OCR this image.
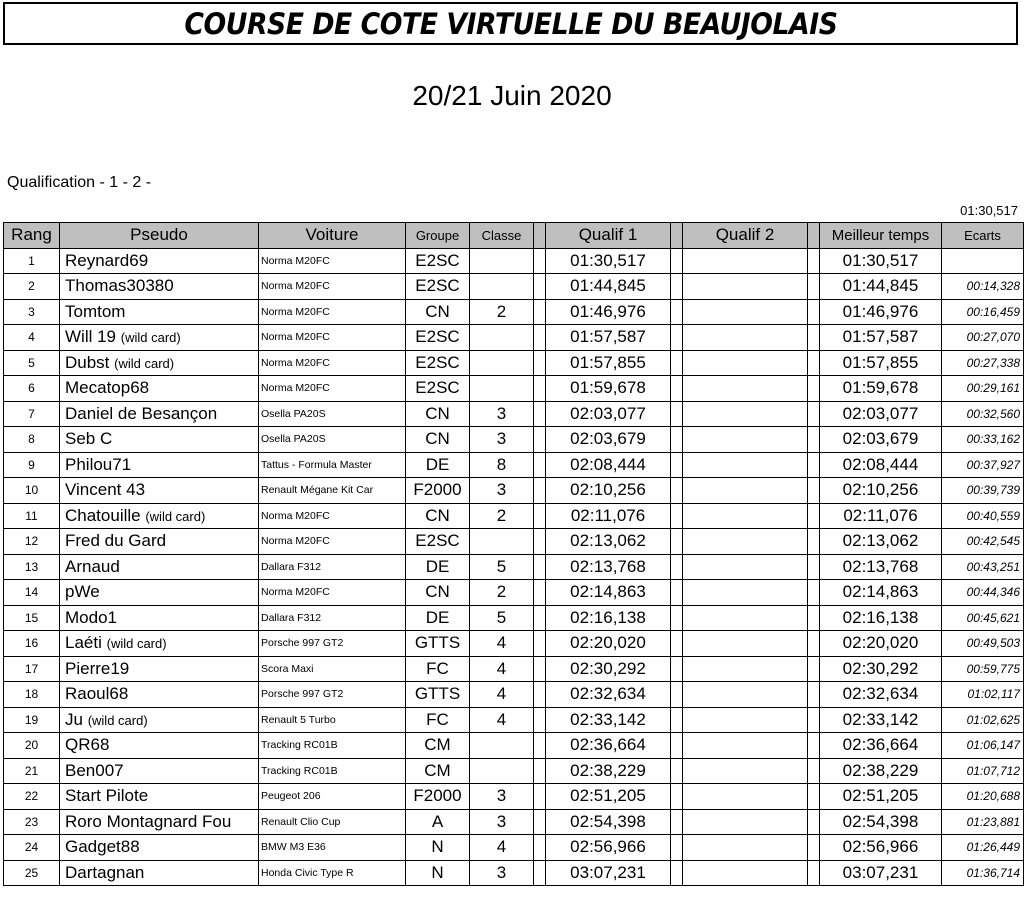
COURSE DE COTE VIRTUELLE DU BEAUJOLAIS
20/21 Juin 2020
Qualification - 1 - 2 -
01:30,517
Rang	Pseudo	Voiture	Groupe	Classe		Qualif 1		Qualif 2		Meilleur temps	Ecarts
1	Reynard69	Norma M20FC	E2SC			01:30,517				01:30,517	
2	Thomas30380	Norma M20FC	E2SC			01:44,845				01:44,845	00:14,328
3	Tomtom	Norma M20FC	CN	2		01:46,976				01:46,976	00:16,459
4	Will 19 (wild card)	Norma M20FC	E2SC			01:57,587				01:57,587	00:27,070
5	Dubst (wild card)	Norma M20FC	E2SC			01:57,855				01:57,855	00:27,338
6	Mecatop68	Norma M20FC	E2SC			01:59,678				01:59,678	00:29,161
7	Daniel de Besançon	Osella PA20S	CN	3		02:03,077				02:03,077	00:32,560
8	Seb C	Osella PA20S	CN	3		02:03,679				02:03,679	00:33,162
9	Philou71	Tattus - Formula Master	DE	8		02:08,444				02:08,444	00:37,927
10	Vincent 43	Renault Mégane Kit Car	F2000	3		02:10,256				02:10,256	00:39,739
11	Chatouille (wild card)	Norma M20FC	CN	2		02:11,076				02:11,076	00:40,559
12	Fred du Gard	Norma M20FC	E2SC			02:13,062				02:13,062	00:42,545
13	Arnaud	Dallara F312	DE	5		02:13,768				02:13,768	00:43,251
14	pWe	Norma M20FC	CN	2		02:14,863				02:14,863	00:44,346
15	Modo1	Dallara F312	DE	5		02:16,138				02:16,138	00:45,621
16	Laéti (wild card)	Porsche 997 GT2	GTTS	4		02:20,020				02:20,020	00:49,503
17	Pierre19	Scora Maxi	FC	4		02:30,292				02:30,292	00:59,775
18	Raoul68	Porsche 997 GT2	GTTS	4		02:32,634				02:32,634	01:02,117
19	Ju (wild card)	Renault 5 Turbo	FC	4		02:33,142				02:33,142	01:02,625
20	QR68	Tracking RC01B	CM			02:36,664				02:36,664	01:06,147
21	Ben007	Tracking RC01B	CM			02:38,229				02:38,229	01:07,712
22	Start Pilote	Peugeot 206	F2000	3		02:51,205				02:51,205	01:20,688
23	Roro Montagnard Fou	Renault Clio Cup	A	3		02:54,398				02:54,398	01:23,881
24	Gadget88	BMW M3 E36	N	4		02:56,966				02:56,966	01:26,449
25	Dartagnan	Honda Civic Type R	N	3		03:07,231				03:07,231	01:36,714
